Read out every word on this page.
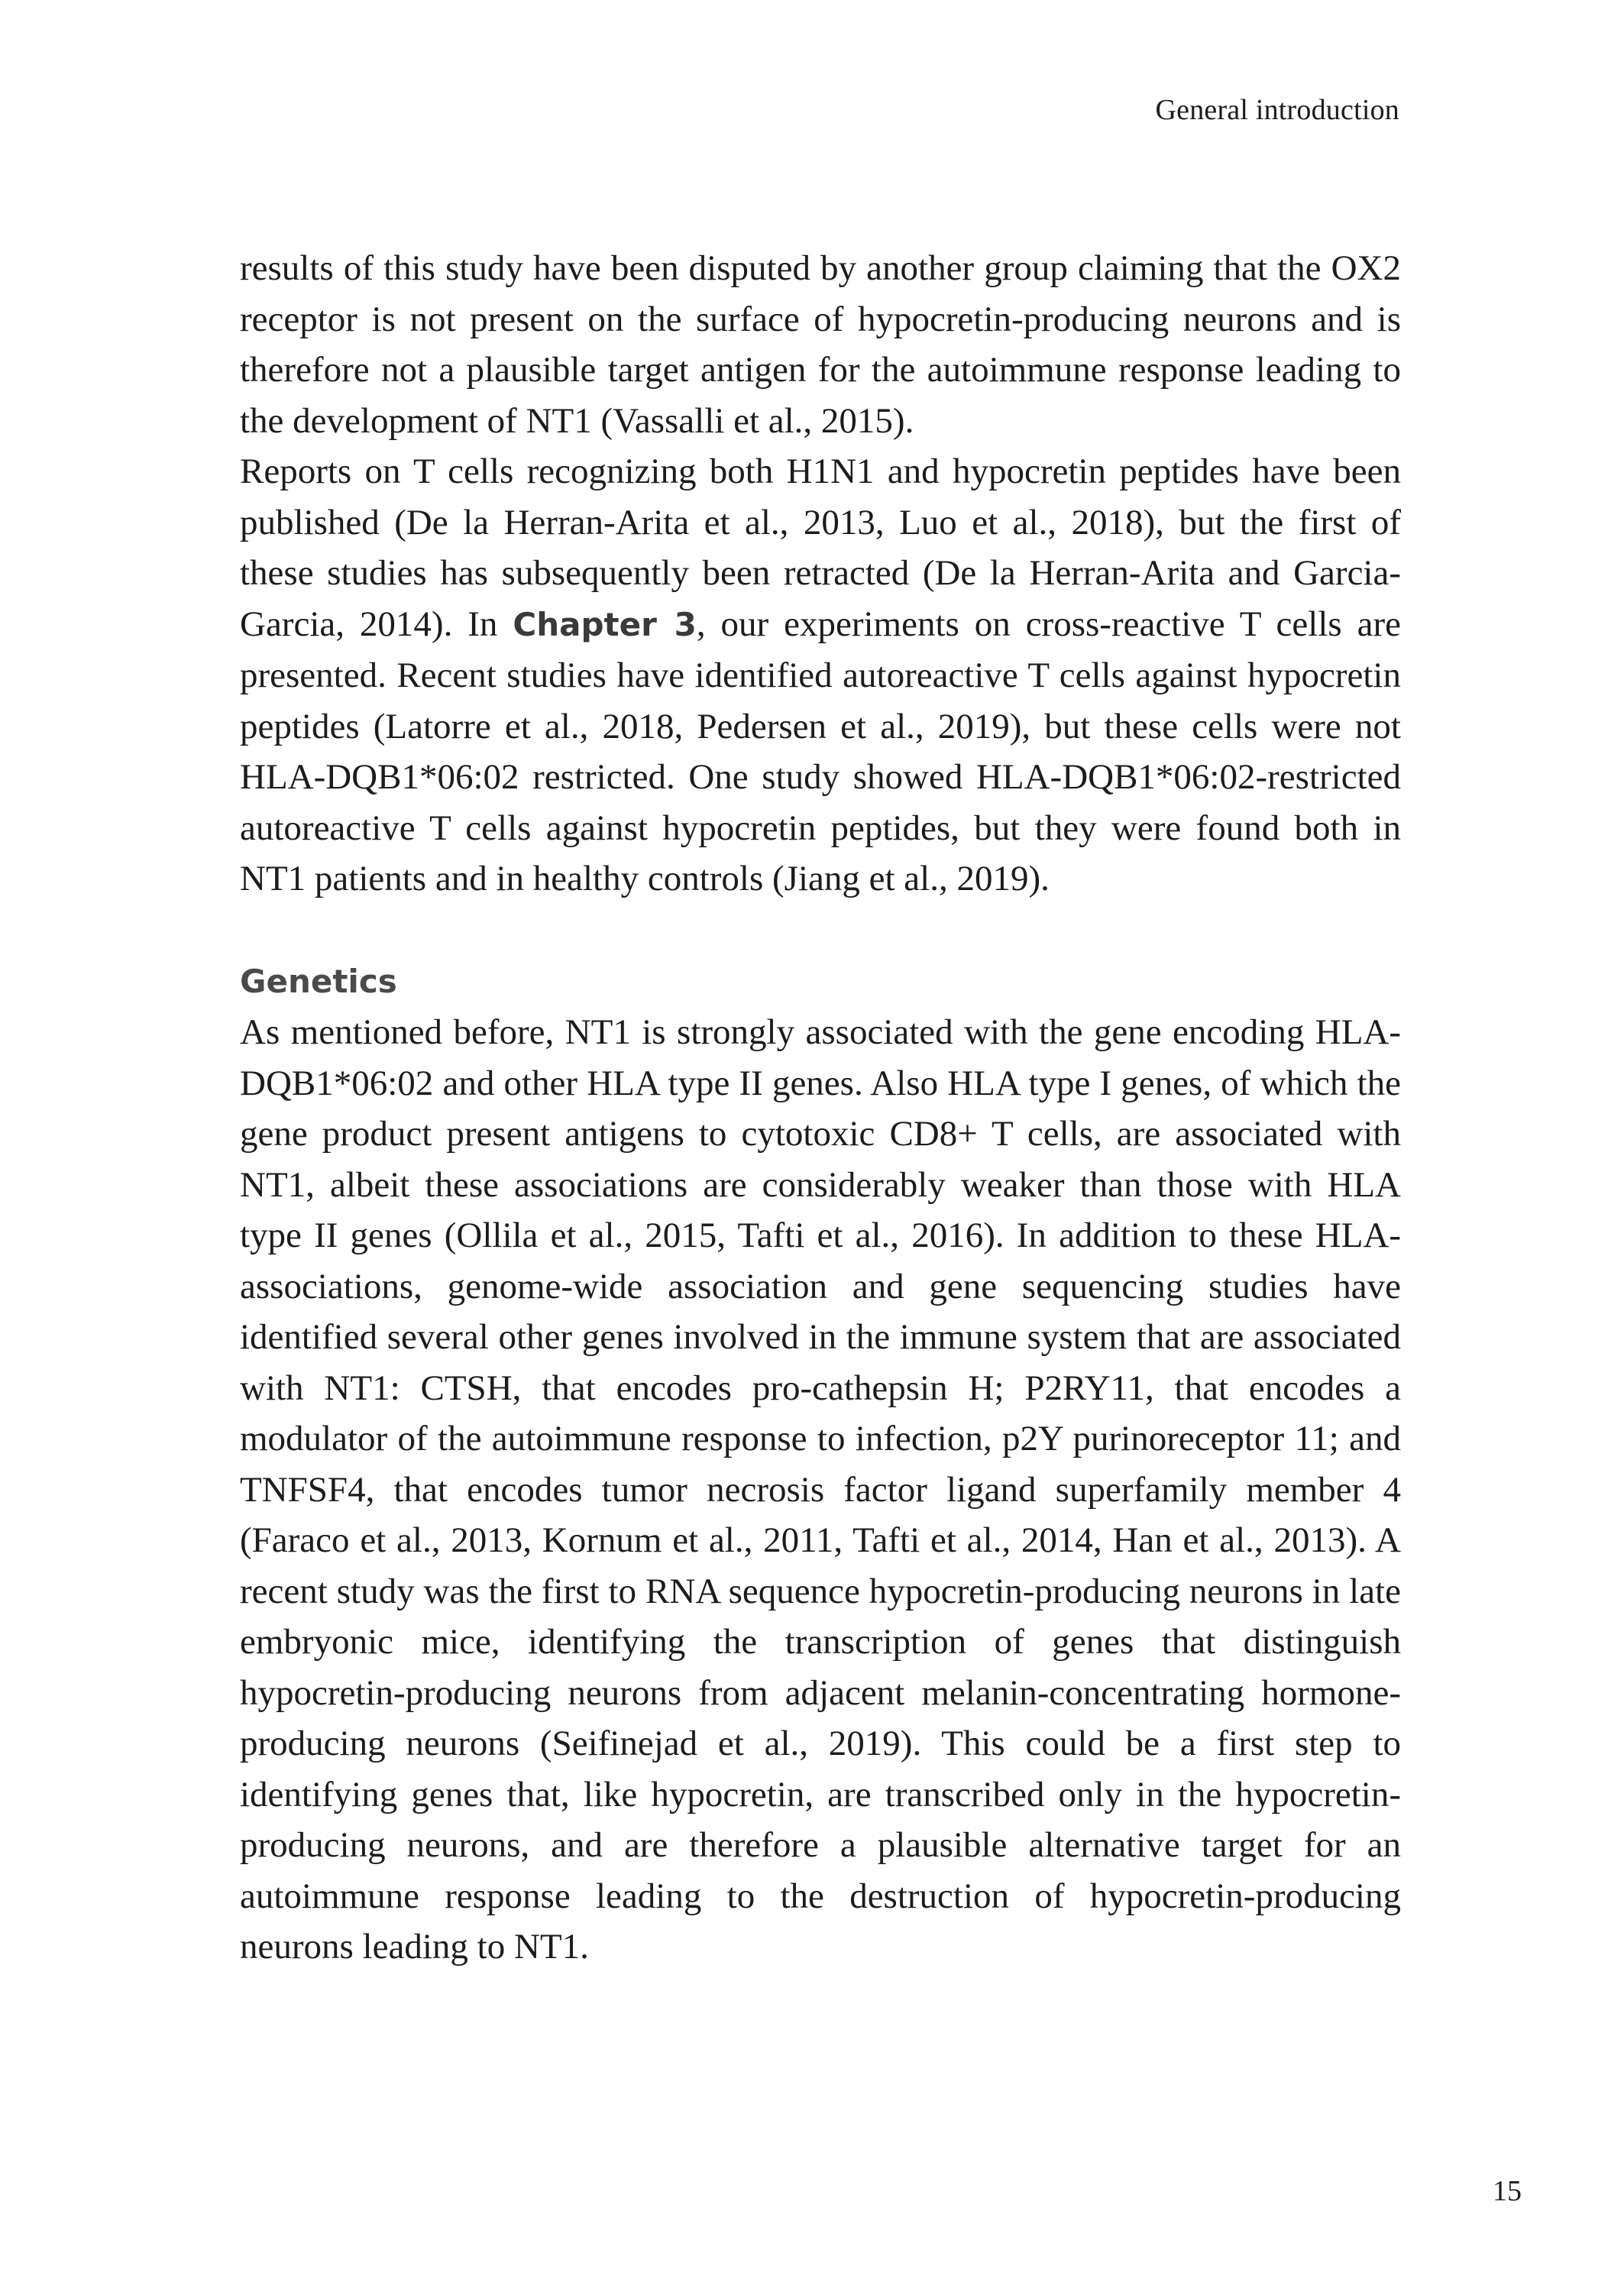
General introduction

results of this study have been disputed by another group claiming that the OX2 receptor is not present on the surface of hypocretin-producing neurons and is therefore not a plausible target antigen for the autoimmune response leading to the development of NT1 (Vassalli et al., 2015).

Reports on T cells recognizing both H1N1 and hypocretin peptides have been published (De la Herran-Arita et al., 2013, Luo et al., 2018), but the first of these studies has subsequently been retracted (De la Herran-Arita and Garcia-Garcia, 2014). In Chapter 3, our experiments on cross-reactive T cells are presented. Recent studies have identified autoreactive T cells against hypocretin peptides (Latorre et al., 2018, Pedersen et al., 2019), but these cells were not HLA-DQB1*06:02 restricted. One study showed HLA-DQB1*06:02-restricted autoreactive T cells against hypocretin peptides, but they were found both in NT1 patients and in healthy controls (Jiang et al., 2019).

Genetics

As mentioned before, NT1 is strongly associated with the gene encoding HLA-DQB1*06:02 and other HLA type II genes. Also HLA type I genes, of which the gene product present antigens to cytotoxic CD8+ T cells, are associated with NT1, albeit these associations are considerably weaker than those with HLA type II genes (Ollila et al., 2015, Tafti et al., 2016). In addition to these HLA-associations, genome-wide association and gene sequencing studies have identified several other genes involved in the immune system that are associated with NT1: CTSH, that encodes pro-cathepsin H; P2RY11, that encodes a modulator of the autoimmune response to infection, p2Y purinoreceptor 11; and TNFSF4, that encodes tumor necrosis factor ligand superfamily member 4 (Faraco et al., 2013, Kornum et al., 2011, Tafti et al., 2014, Han et al., 2013). A recent study was the first to RNA sequence hypocretin-producing neurons in late embryonic mice, identifying the transcription of genes that distinguish hypocretin-producing neurons from adjacent melanin-concentrating hormone-producing neurons (Seifinejad et al., 2019). This could be a first step to identifying genes that, like hypocretin, are transcribed only in the hypocretin-producing neurons, and are therefore a plausible alternative target for an autoimmune response leading to the destruction of hypocretin-producing neurons leading to NT1.

15
